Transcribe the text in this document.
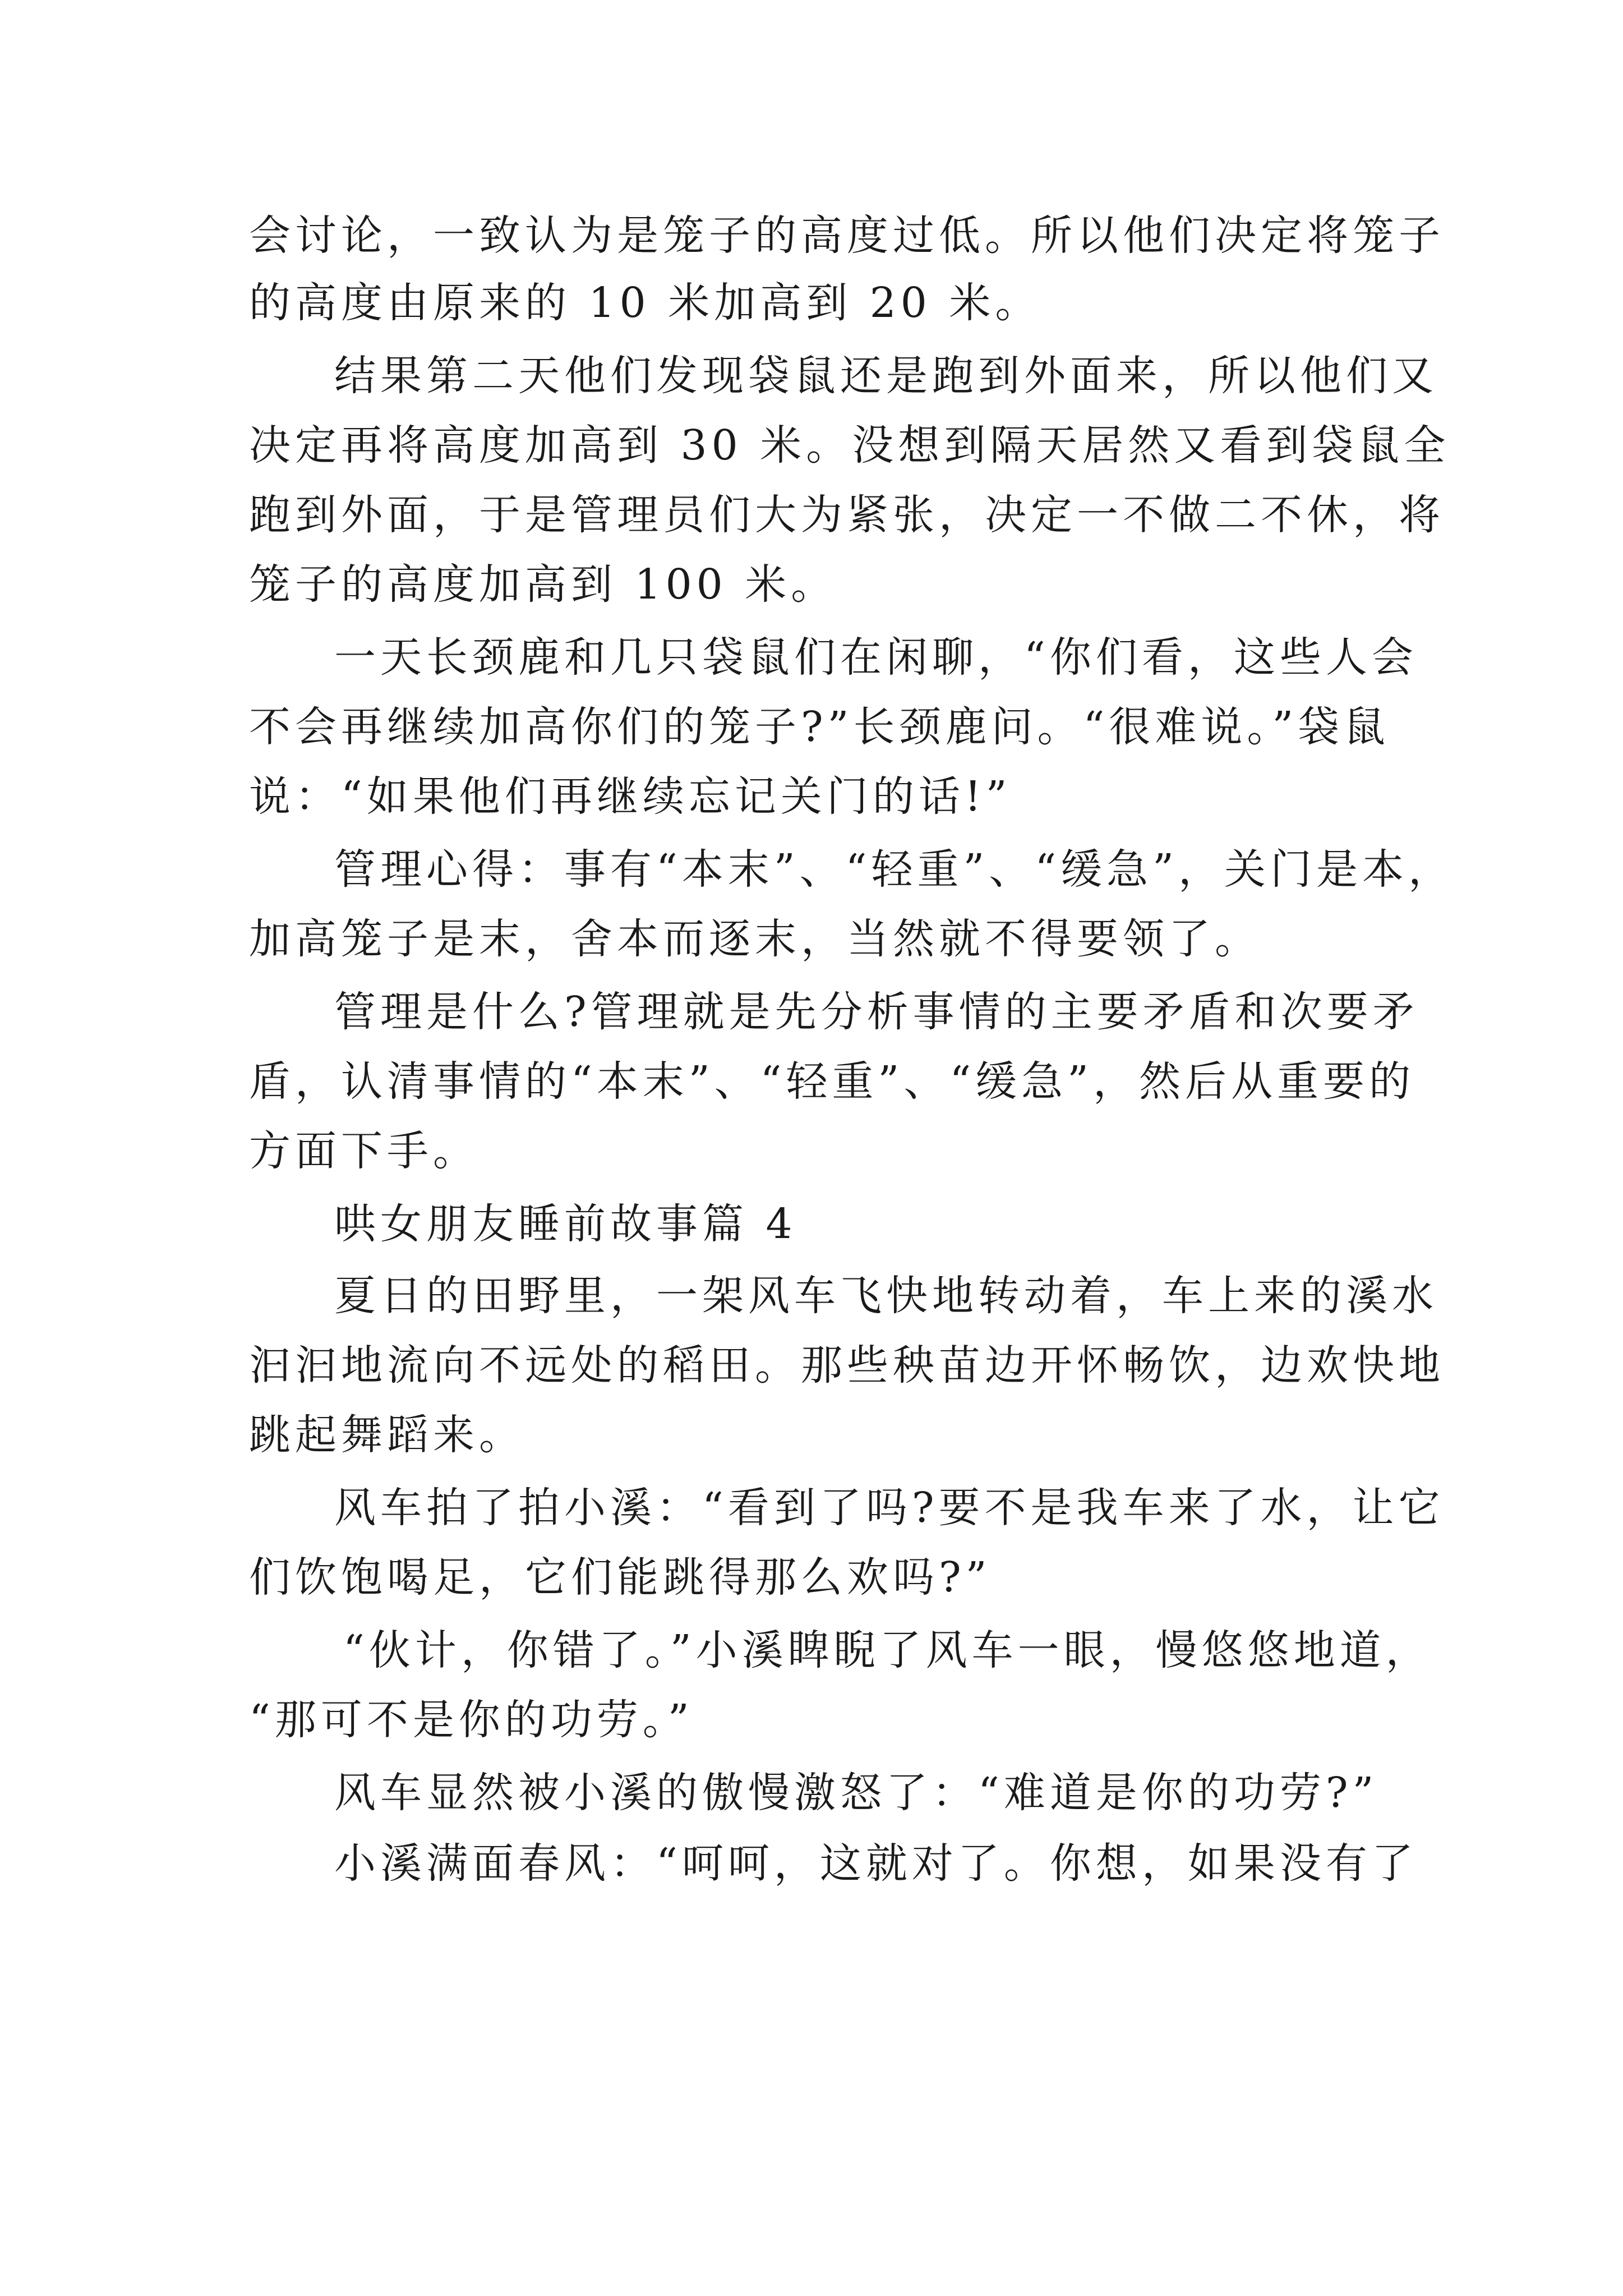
会讨论，一致认为是笼子的高度过低。所以他们决定将笼子
的高度由原来的 10 米加高到 20 米。
结果第二天他们发现袋鼠还是跑到外面来，所以他们又
决定再将高度加高到 30 米。没想到隔天居然又看到袋鼠全
跑到外面，于是管理员们大为紧张，决定一不做二不休，将
笼子的高度加高到 100 米。
一天长颈鹿和几只袋鼠们在闲聊，“你们看，这些人会
不会再继续加高你们的笼子?”长颈鹿问。“很难说。”袋鼠
说：“如果他们再继续忘记关门的话!”
管理心得：事有“本末”、“轻重”、“缓急”，关门是本，
加高笼子是末，舍本而逐末，当然就不得要领了。
管理是什么?管理就是先分析事情的主要矛盾和次要矛
盾，认清事情的“本末”、“轻重”、“缓急”，然后从重要的
方面下手。
哄女朋友睡前故事篇 4
夏日的田野里，一架风车飞快地转动着，车上来的溪水
汩汩地流向不远处的稻田。那些秧苗边开怀畅饮，边欢快地
跳起舞蹈来。
风车拍了拍小溪：“看到了吗?要不是我车来了水，让它
们饮饱喝足，它们能跳得那么欢吗?”
“伙计，你错了。”小溪睥睨了风车一眼，慢悠悠地道，
“那可不是你的功劳。”
风车显然被小溪的傲慢激怒了：“难道是你的功劳?”
小溪满面春风：“呵呵，这就对了。你想，如果没有了
